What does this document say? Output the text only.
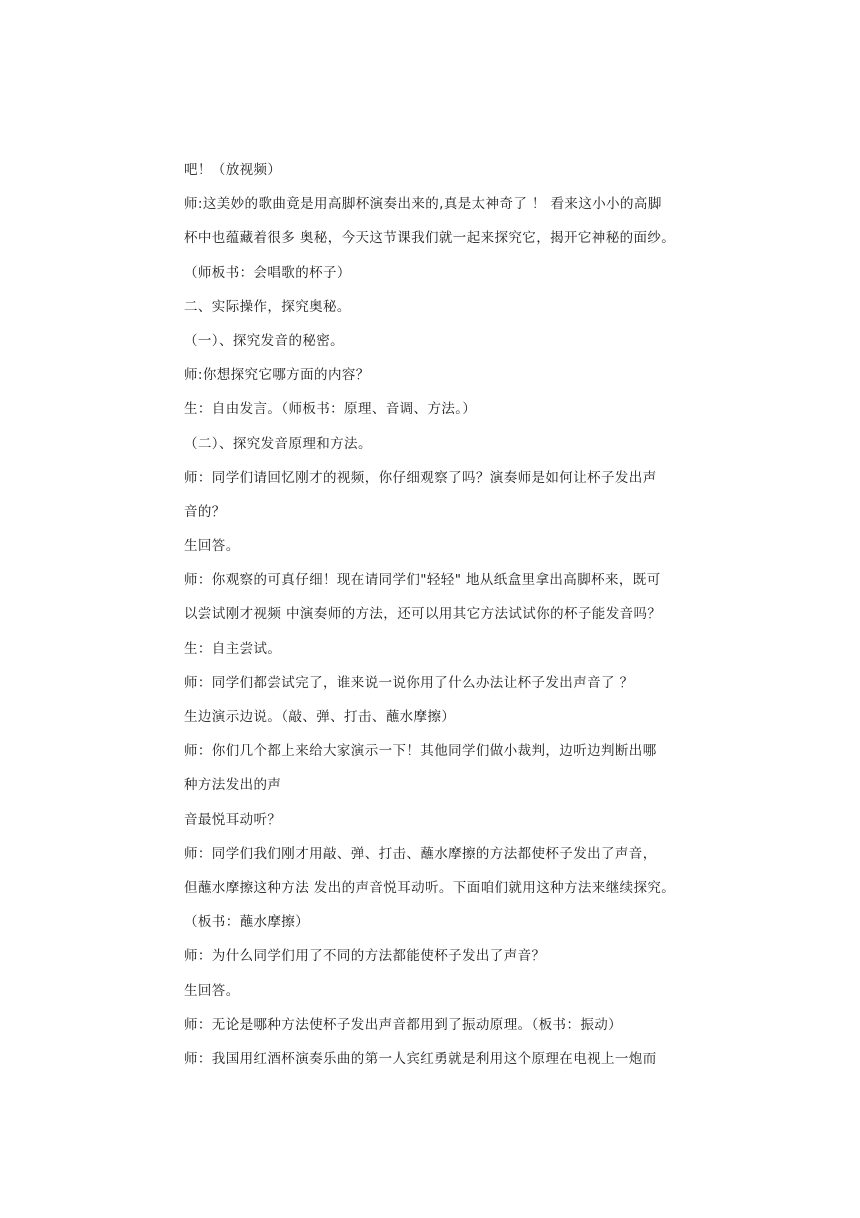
吧！（放视频）
师:这美妙的歌曲竟是用高脚杯演奏出来的,真是太神奇了 ！ 看来这小小的高脚
杯中也蕴藏着很多 奥秘，今天这节课我们就一起来探究它，揭开它神秘的面纱。
（师板书：会唱歌的杯子）
二、实际操作，探究奥秘。
（一）、探究发音的秘密。
师:你想探究它哪方面的内容？
生：自由发言。（师板书：原理、音调、方法。）
（二）、探究发音原理和方法。
师：同学们请回忆刚才的视频，你仔细观察了吗？演奏师是如何让杯子发出声
音的？
生回答。
师：你观察的可真仔细！现在请同学们"轻轻" 地从纸盒里拿出高脚杯来，既可
以尝试刚才视频 中演奏师的方法，还可以用其它方法试试你的杯子能发音吗？
生：自主尝试。
师：同学们都尝试完了，谁来说一说你用了什么办法让杯子发出声音了 ？
生边演示边说。（敲、弹、打击、蘸水摩擦）
师：你们几个都上来给大家演示一下！其他同学们做小裁判，边听边判断出哪
种方法发出的声
音最悦耳动听？
师：同学们我们刚才用敲、弹、打击、蘸水摩擦的方法都使杯子发出了声音，
但蘸水摩擦这种方法 发出的声音悦耳动听。下面咱们就用这种方法来继续探究。
（板书：蘸水摩擦）
师：为什么同学们用了不同的方法都能使杯子发出了声音？
生回答。
师：无论是哪种方法使杯子发出声音都用到了振动原理。（板书：振动）
师：我国用红酒杯演奏乐曲的第一人宾红勇就是利用这个原理在电视上一炮而
